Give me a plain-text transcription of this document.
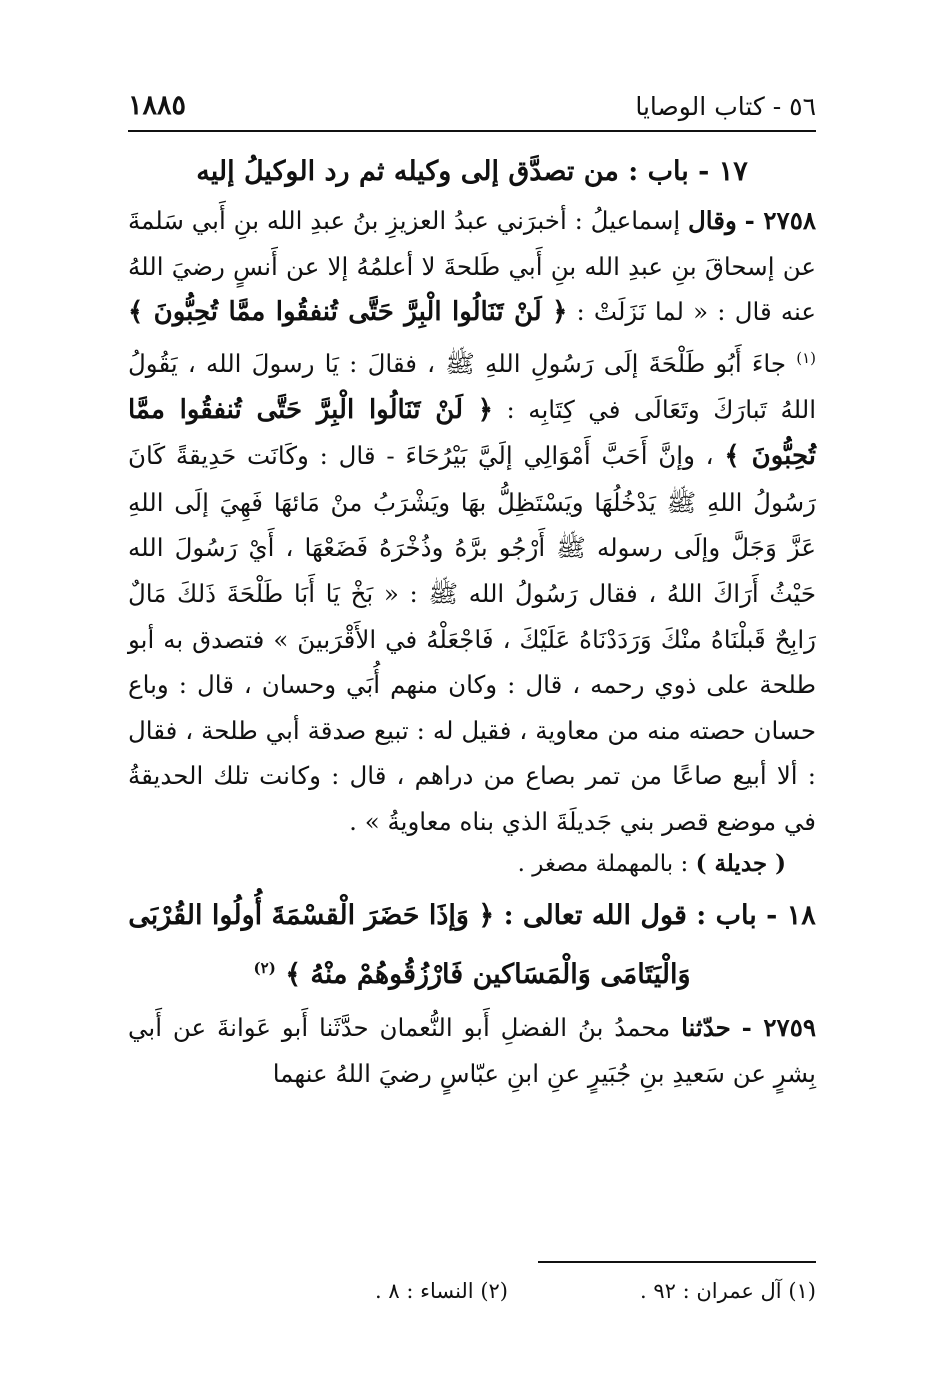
٥٦ - كتاب الوصايا
١٨٨٥
١٧ - باب : من تصدَّق إلى وكيله ثم رد الوكيلُ إليه

٢٧٥٨ - وقال إسماعيلُ : أخبرَني عبدُ العزيزِ بنُ عبدِ الله بنِ أَبي سَلمةَ عن إسحاقَ بنِ عبدِ الله بنِ أَبي طَلحةَ لا أعلمُهُ إلا عن أَنسٍ رضيَ اللهُ عنه قال : « لما نَزَلَتْ : ﴿ لَنْ تَنَالُوا الْبِرَّ حَتَّى تُنفقُوا ممَّا تُحِبُّونَ ﴾ $^{(١)}$ جاءَ أَبُو طَلْحَةَ إلَى رَسُولِ اللهِ ﷺ ، فقالَ : يَا رسولَ الله ، يَقُولُ اللهُ تَبارَكَ وتَعَالَى في كِتَابِه : ﴿ لَنْ تَنَالُوا الْبِرَّ حَتَّى تُنفقُوا ممَّا تُحِبُّونَ ﴾ ، وإنَّ أَحَبَّ أَمْوَالِي إلَيَّ بَيْرُحَاءَ - قال : وكَانَت حَدِيقةً كَانَ رَسُولُ اللهِ ﷺ يَدْخُلُهَا ويَسْتَظِلُّ بهَا ويَشْرَبُ منْ مَائهَا فَهِيَ إلَى اللهِ عَزَّ وَجَلَّ وإلَى رسوله ﷺ أَرْجُو برَّهُ وذُخْرَهُ فَضَعْهَا ، أَيْ رَسُولَ الله حَيْثُ أَرَاكَ اللهُ ، فقال رَسُولُ الله ﷺ : « بَخْ يَا أَبَا طَلْحَةَ ذَلكَ مَالٌ رَابِحٌ قَبلْنَاهُ منْكَ وَرَدَدْنَاهُ عَلَيْكَ ، فَاجْعَلْهُ في الأَقْرَبينَ » فتصدق به أبو طلحة على ذوي رحمه ، قال : وكان منهم أُبَي وحسان ، قال : وباع حسان حصته منه من معاوية ، فقيل له : تبيع صدقة أبي طلحة ، فقال : ألا أبيع صاعًا من تمر بصاع من دراهم ، قال : وكانت تلك الحديقةُ في موضع قصر بني جَديلَةَ الذي بناه معاويةُ » .

( جديلة ) : بالمهملة مصغر .

١٨ - باب : قول الله تعالى : ﴿ وَإذَا حَضَرَ الْقسْمَةَ أُولُوا القُرْبَى
وَالْيَتَامَى وَالْمَسَاكين فَارْزُقُوهُمْ منْهُ ﴾ $^{(٢)}$

٢٧٥٩ - حدّثنا محمدُ بنُ الفضلِ أَبو النُّعمان حدَّثَنا أَبو عَوانةَ عن أَبي بِشرٍ عن سَعيدِ بنِ جُبَيرٍ عنِ ابنِ عبّاسٍ رضيَ اللهُ عنهما

(١) آل عمران : ٩٢ .
(٢) النساء : ٨ .
